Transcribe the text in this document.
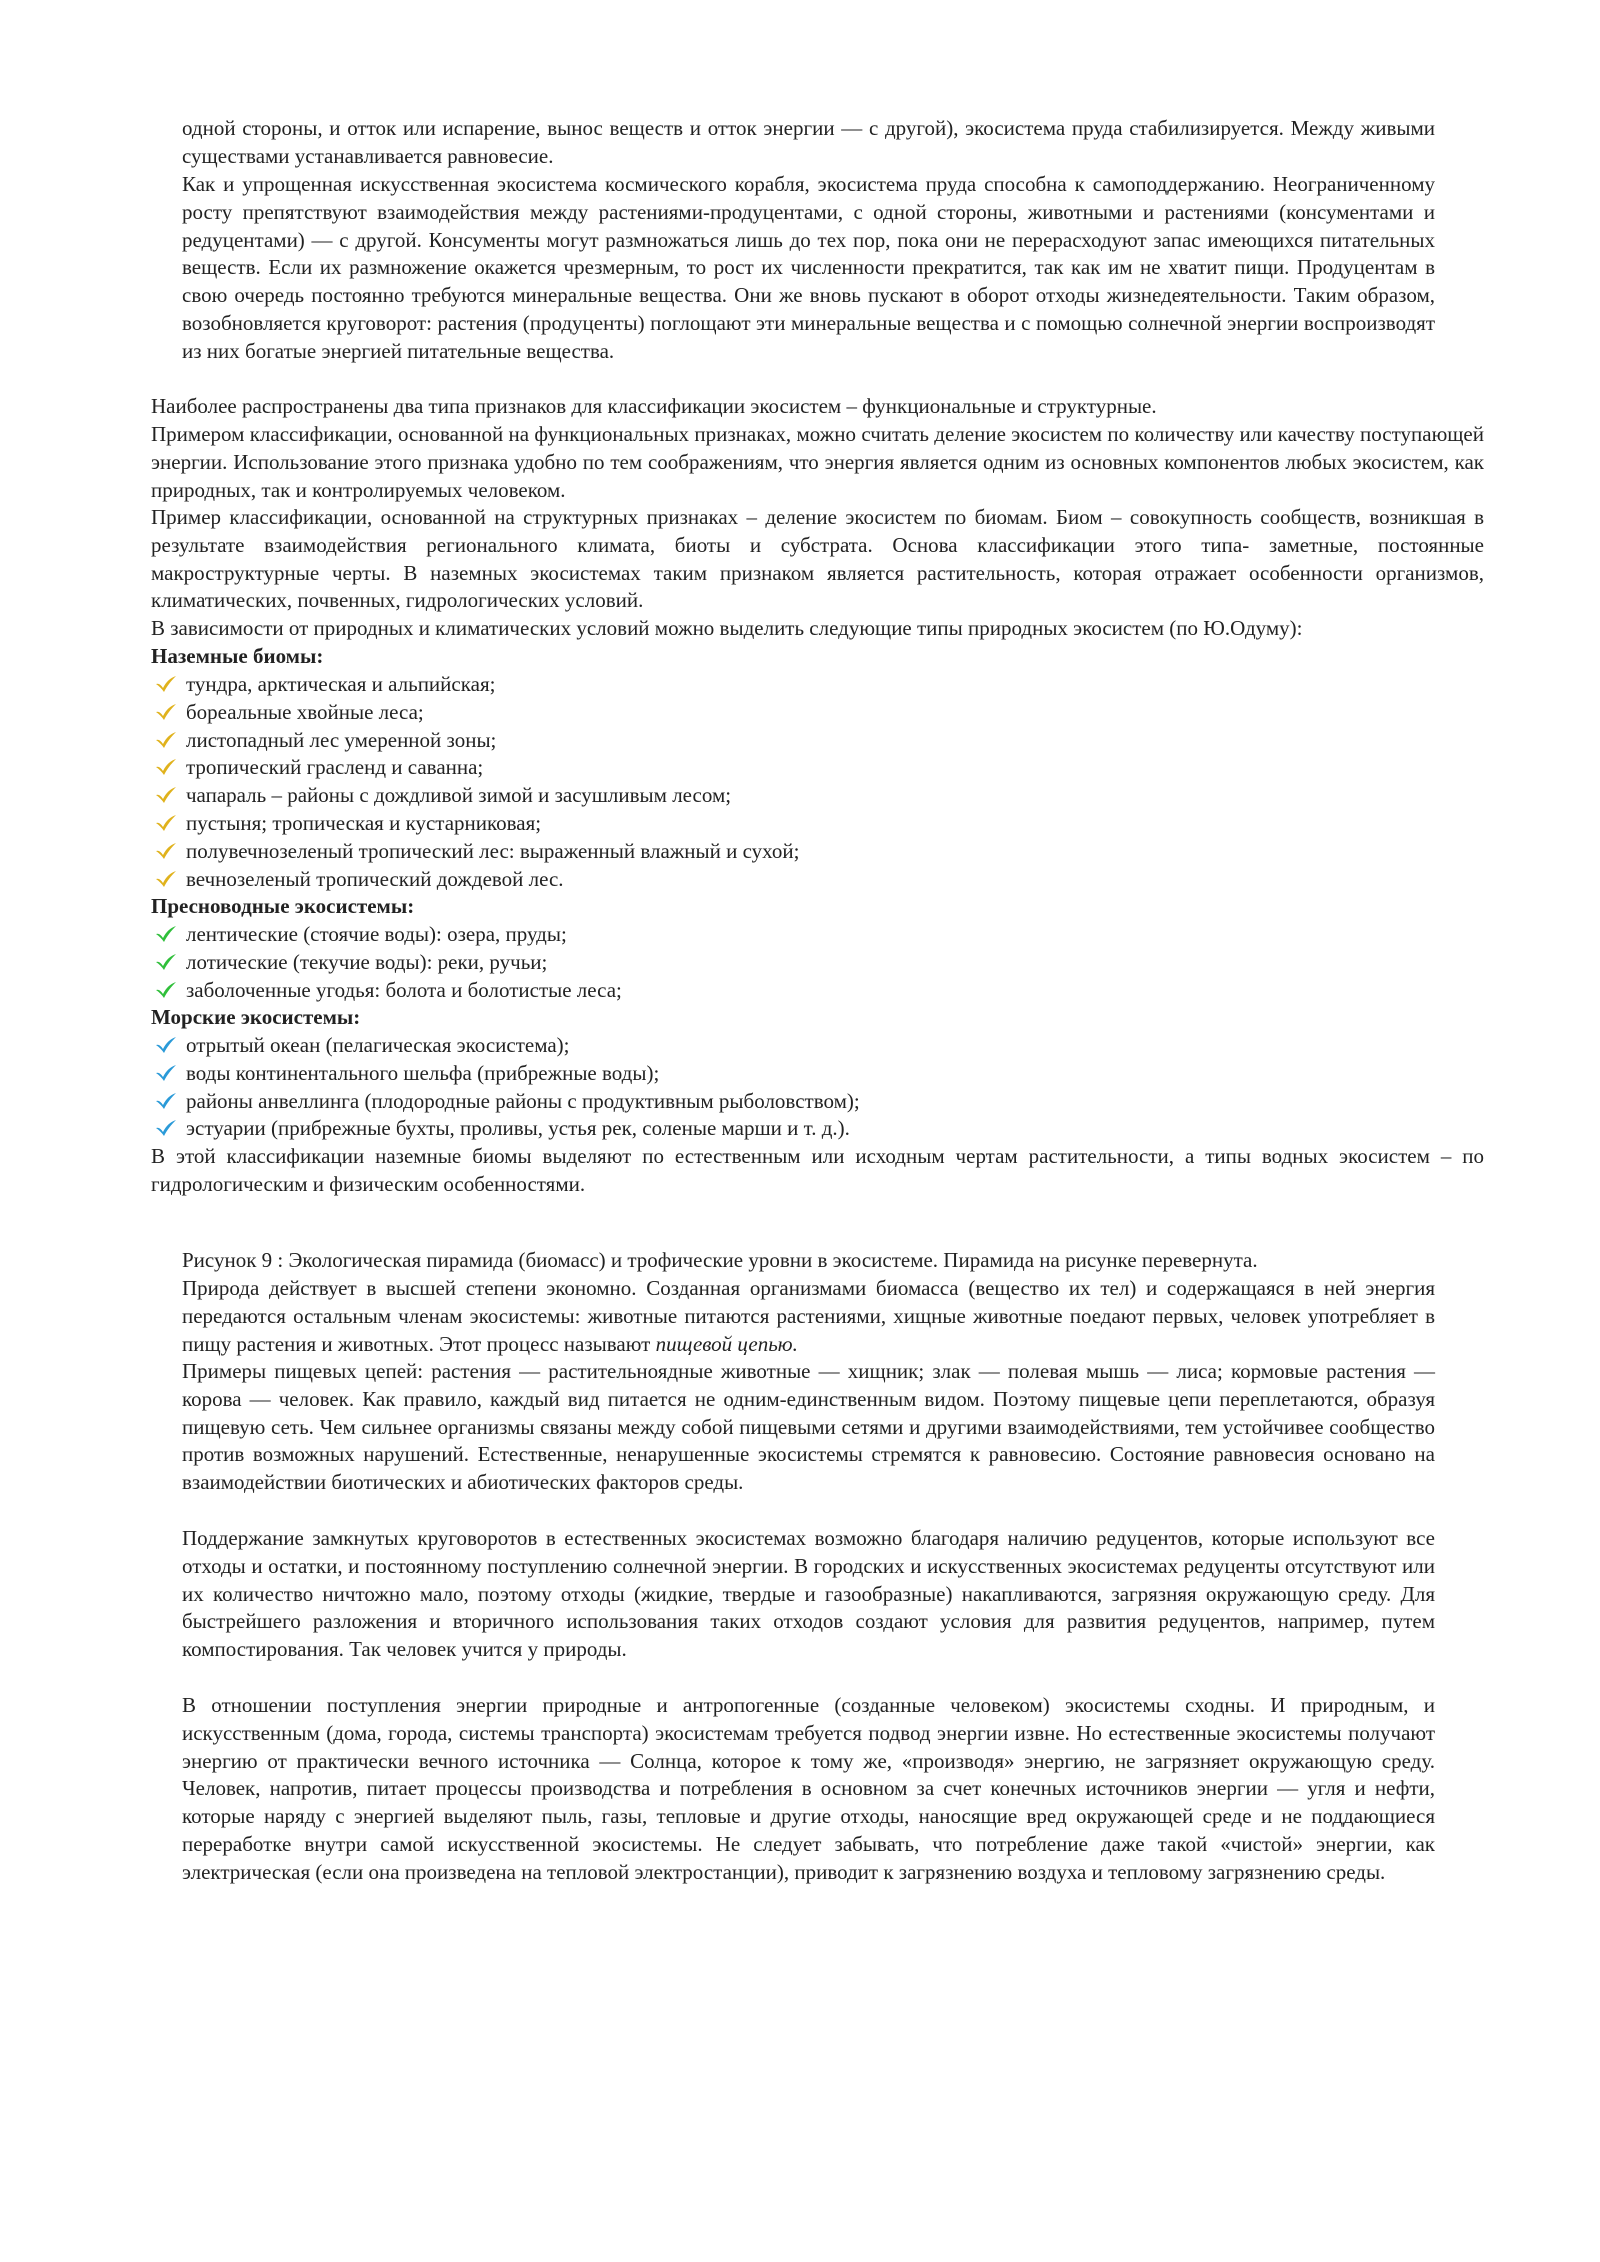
одной стороны, и отток или испарение, вынос веществ и отток энергии — с другой), экосистема пруда стабилизируется. Между живыми существами устанавливается равновесие.

Как и упрощенная искусственная экосистема космического корабля, экосистема пруда способна к самоподдержанию. Неограниченному росту препятствуют взаимодействия между растениями-продуцентами, с одной стороны, животными и растениями (консументами и редуцентами) — с другой. Консументы могут размножаться лишь до тех пор, пока они не перерасходуют запас имеющихся питательных веществ. Если их размножение окажется чрезмерным, то рост их численности прекратится, так как им не хватит пищи. Продуцентам в свою очередь постоянно требуются минеральные вещества. Они же вновь пускают в оборот отходы жизнедеятельности. Таким образом, возобновляется круговорот: растения (продуценты) поглощают эти минеральные вещества и с помощью солнечной энергии воспроизводят из них богатые энергией питательные вещества.

Наиболее распространены два типа признаков для классификации экосистем – функциональные и структурные.

Примером классификации, основанной на функциональных признаках, можно считать деление экосистем по количеству или качеству поступающей энергии. Использование этого признака удобно по тем соображениям, что энергия является одним из основных компонентов любых экосистем, как природных, так и контролируемых человеком.

Пример классификации, основанной на структурных признаках – деление экосистем по биомам. Биом – совокупность сообществ, возникшая в результате взаимодействия регионального климата, биоты и субстрата. Основа классификации этого типа- заметные, постоянные макроструктурные черты. В наземных экосистемах таким признаком является растительность, которая отражает особенности организмов, климатических, почвенных, гидрологических условий.

В зависимости от природных и климатических условий можно выделить следующие типы природных экосистем (по Ю.Одуму):

Наземные биомы:

тундра, арктическая и альпийская;
бореальные хвойные леса;
листопадный лес умеренной зоны;
тропический грасленд и саванна;
чапараль – районы с дождливой зимой и засушливым лесом;
пустыня; тропическая и кустарниковая;
полувечнозеленый тропический лес: выраженный влажный и сухой;
вечнозеленый тропический дождевой лес.

Пресноводные экосистемы:

лентические (стоячие воды): озера, пруды;
лотические (текучие воды): реки, ручьи;
заболоченные угодья: болота и болотистые леса;

Морские экосистемы:

отрытый океан (пелагическая экосистема);
воды континентального шельфа (прибрежные воды);
районы анвеллинга (плодородные районы с продуктивным рыболовством);
эстуарии (прибрежные бухты, проливы, устья рек, соленые марши и т. д.).

В этой классификации наземные биомы выделяют по естественным или исходным чертам растительности, а типы водных экосистем – по гидрологическим и физическим особенностями.

Рисунок 9 : Экологическая пирамида (биомасс) и трофические уровни в экосистеме. Пирамида на рисунке перевернута.

Природа действует в высшей степени экономно. Созданная организмами биомасса (вещество их тел) и содержащаяся в ней энергия передаются остальным членам экосистемы: животные питаются растениями, хищные животные поедают первых, человек употребляет в пищу растения и животных. Этот процесс называют пищевой цепью.

Примеры пищевых цепей: растения — растительноядные животные — хищник; злак — полевая мышь — лиса; кормовые растения — корова — человек. Как правило, каждый вид питается не одним-единственным видом. Поэтому пищевые цепи переплетаются, образуя пищевую сеть. Чем сильнее организмы связаны между собой пищевыми сетями и другими взаимодействиями, тем устойчивее сообщество против возможных нарушений. Естественные, ненарушенные экосистемы стремятся к равновесию. Состояние равновесия основано на взаимодействии биотических и абиотических факторов среды.

Поддержание замкнутых круговоротов в естественных экосистемах возможно благодаря наличию редуцентов, которые используют все отходы и остатки, и постоянному поступлению солнечной энергии. В городских и искусственных экосистемах редуценты отсутствуют или их количество ничтожно мало, поэтому отходы (жидкие, твердые и газообразные) накапливаются, загрязняя окружающую среду. Для быстрейшего разложения и вторичного использования таких отходов создают условия для развития редуцентов, например, путем компостирования. Так человек учится у природы.

В отношении поступления энергии природные и антропогенные (созданные человеком) экосистемы сходны. И природным, и искусственным (дома, города, системы транспорта) экосистемам требуется подвод энергии извне. Но естественные экосистемы получают энергию от практически вечного источника — Солнца, которое к тому же, «производя» энергию, не загрязняет окружающую среду. Человек, напротив, питает процессы производства и потребления в основном за счет конечных источников энергии — угля и нефти, которые наряду с энергией выделяют пыль, газы, тепловые и другие отходы, наносящие вред окружающей среде и не поддающиеся переработке внутри самой искусственной экосистемы. Не следует забывать, что потребление даже такой «чистой» энергии, как электрическая (если она произведена на тепловой электростанции), приводит к загрязнению воздуха и тепловому загрязнению среды.
